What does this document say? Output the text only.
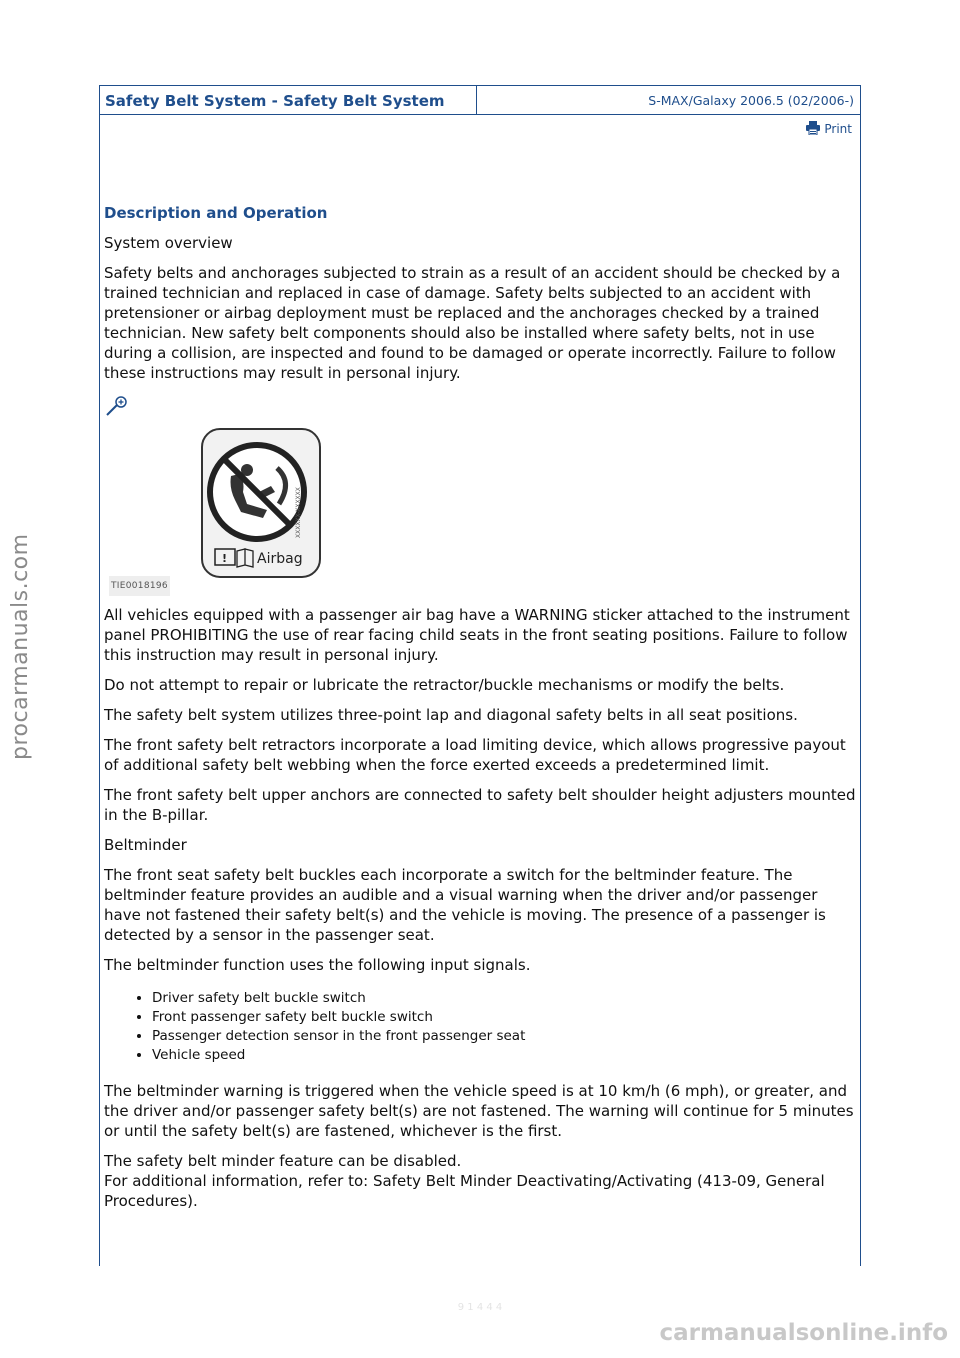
procarmanuals.com
carmanualsonline.info
9 1 4 4 4
Safety Belt System - Safety Belt System	S-MAX/Galaxy 2006.5 (02/2006-)
Print

Description and Operation

System overview

Safety belts and anchorages subjected to strain as a result of an accident should be checked by a trained technician and replaced in case of damage. Safety belts subjected to an accident with pretensioner or airbag deployment must be replaced and the anchorages checked by a trained technician. New safety belt components should also be installed where safety belts, not in use during a collision, are inspected and found to be damaged or operate incorrectly. Failure to follow these instructions may result in personal injury.

XXXXXX-XXXXXX
! Airbag
TIE0018196

All vehicles equipped with a passenger air bag have a WARNING sticker attached to the instrument panel PROHIBITING the use of rear facing child seats in the front seating positions. Failure to follow this instruction may result in personal injury.

Do not attempt to repair or lubricate the retractor/buckle mechanisms or modify the belts.

The safety belt system utilizes three-point lap and diagonal safety belts in all seat positions.

The front safety belt retractors incorporate a load limiting device, which allows progressive payout of additional safety belt webbing when the force exerted exceeds a predetermined limit.

The front safety belt upper anchors are connected to safety belt shoulder height adjusters mounted in the B-pillar.

Beltminder

The front seat safety belt buckles each incorporate a switch for the beltminder feature. The beltminder feature provides an audible and a visual warning when the driver and/or passenger have not fastened their safety belt(s) and the vehicle is moving. The presence of a passenger is detected by a sensor in the passenger seat.

The beltminder function uses the following input signals.

• Driver safety belt buckle switch
• Front passenger safety belt buckle switch
• Passenger detection sensor in the front passenger seat
• Vehicle speed

The beltminder warning is triggered when the vehicle speed is at 10 km/h (6 mph), or greater, and the driver and/or passenger safety belt(s) are not fastened. The warning will continue for 5 minutes or until the safety belt(s) are fastened, whichever is the first.

The safety belt minder feature can be disabled.
For additional information, refer to: Safety Belt Minder Deactivating/Activating (413-09, General Procedures).
